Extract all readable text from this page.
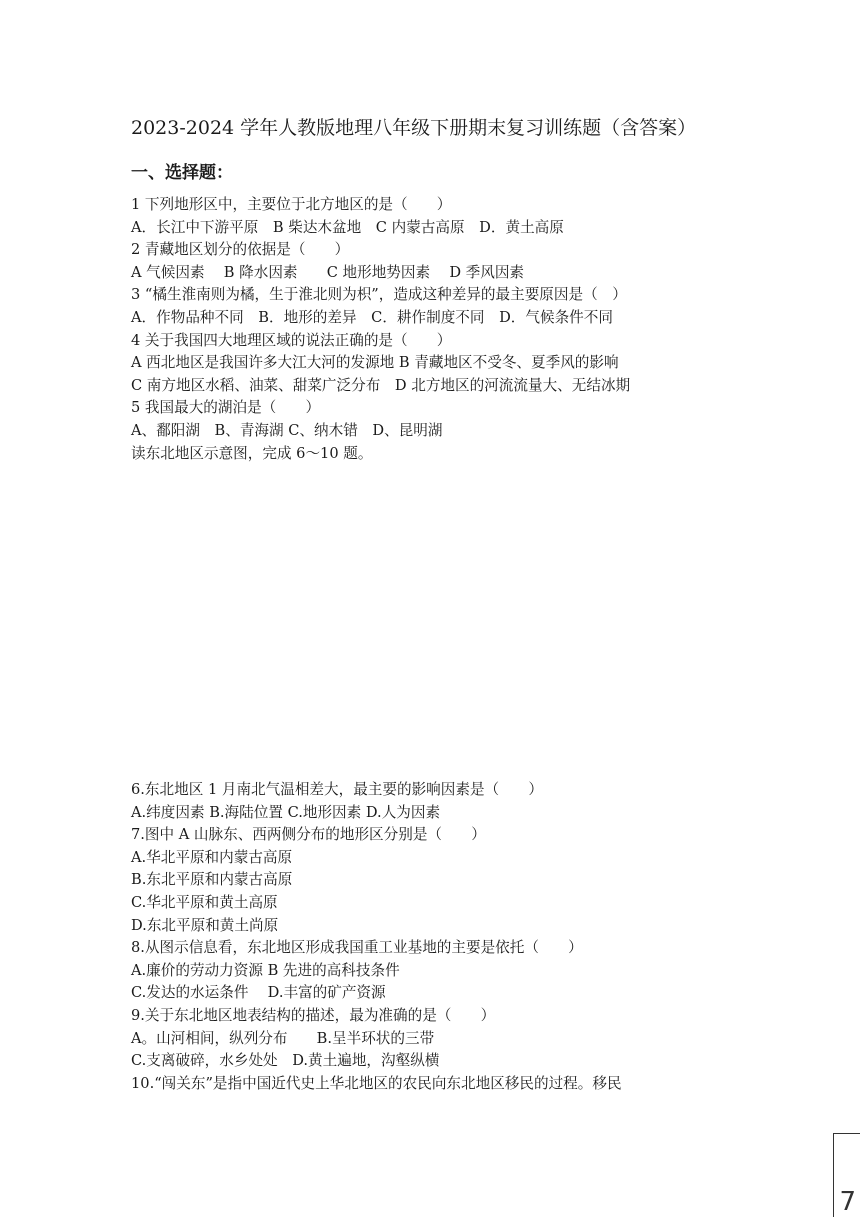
2023-2024 学年人教版地理八年级下册期末复习训练题（含答案）
一、选择题：
1 下列地形区中，主要位于北方地区的是（　　）
A．长江中下游平原　B 柴达木盆地　C 内蒙古高原　D．黄土高原
2 青藏地区划分的依据是（　　）
A 气候因素　 B 降水因素　　C 地形地势因素　 D 季风因素
3 “橘生淮南则为橘，生于淮北则为枳”，造成这种差异的最主要原因是（　）
A．作物品种不同　B．地形的差异　C．耕作制度不同　D．气候条件不同
4 关于我国四大地理区域的说法正确的是（　　）
A 西北地区是我国许多大江大河的发源地 B 青藏地区不受冬、夏季风的影响
C 南方地区水稻、油菜、甜菜广泛分布　D 北方地区的河流流量大、无结冰期
5 我国最大的湖泊是（　　）
A、鄱阳湖　B、青海湖 C、纳木错　D、昆明湖
读东北地区示意图，完成 6～10 题。
6.东北地区 1 月南北气温相差大，最主要的影响因素是（　　）
A.纬度因素 B.海陆位置 C.地形因素 D.人为因素
7.图中 A 山脉东、西两侧分布的地形区分别是（　　）
A.华北平原和内蒙古高原
B.东北平原和内蒙古高原
C.华北平原和黄土高原
D.东北平原和黄土尚原
8.从图示信息看，东北地区形成我国重工业基地的主要是依托（　　）
A.廉价的劳动力资源 B 先进的高科技条件
C.发达的水运条件　 D.丰富的矿产资源
9.关于东北地区地表结构的描述，最为准确的是（　　）
A。山河相间，纵列分布　　B.呈半环状的三带
C.支离破碎，水乡处处　D.黄土遍地，沟壑纵横
10.“闯关东”是指中国近代史上华北地区的农民向东北地区移民的过程。移民
7
